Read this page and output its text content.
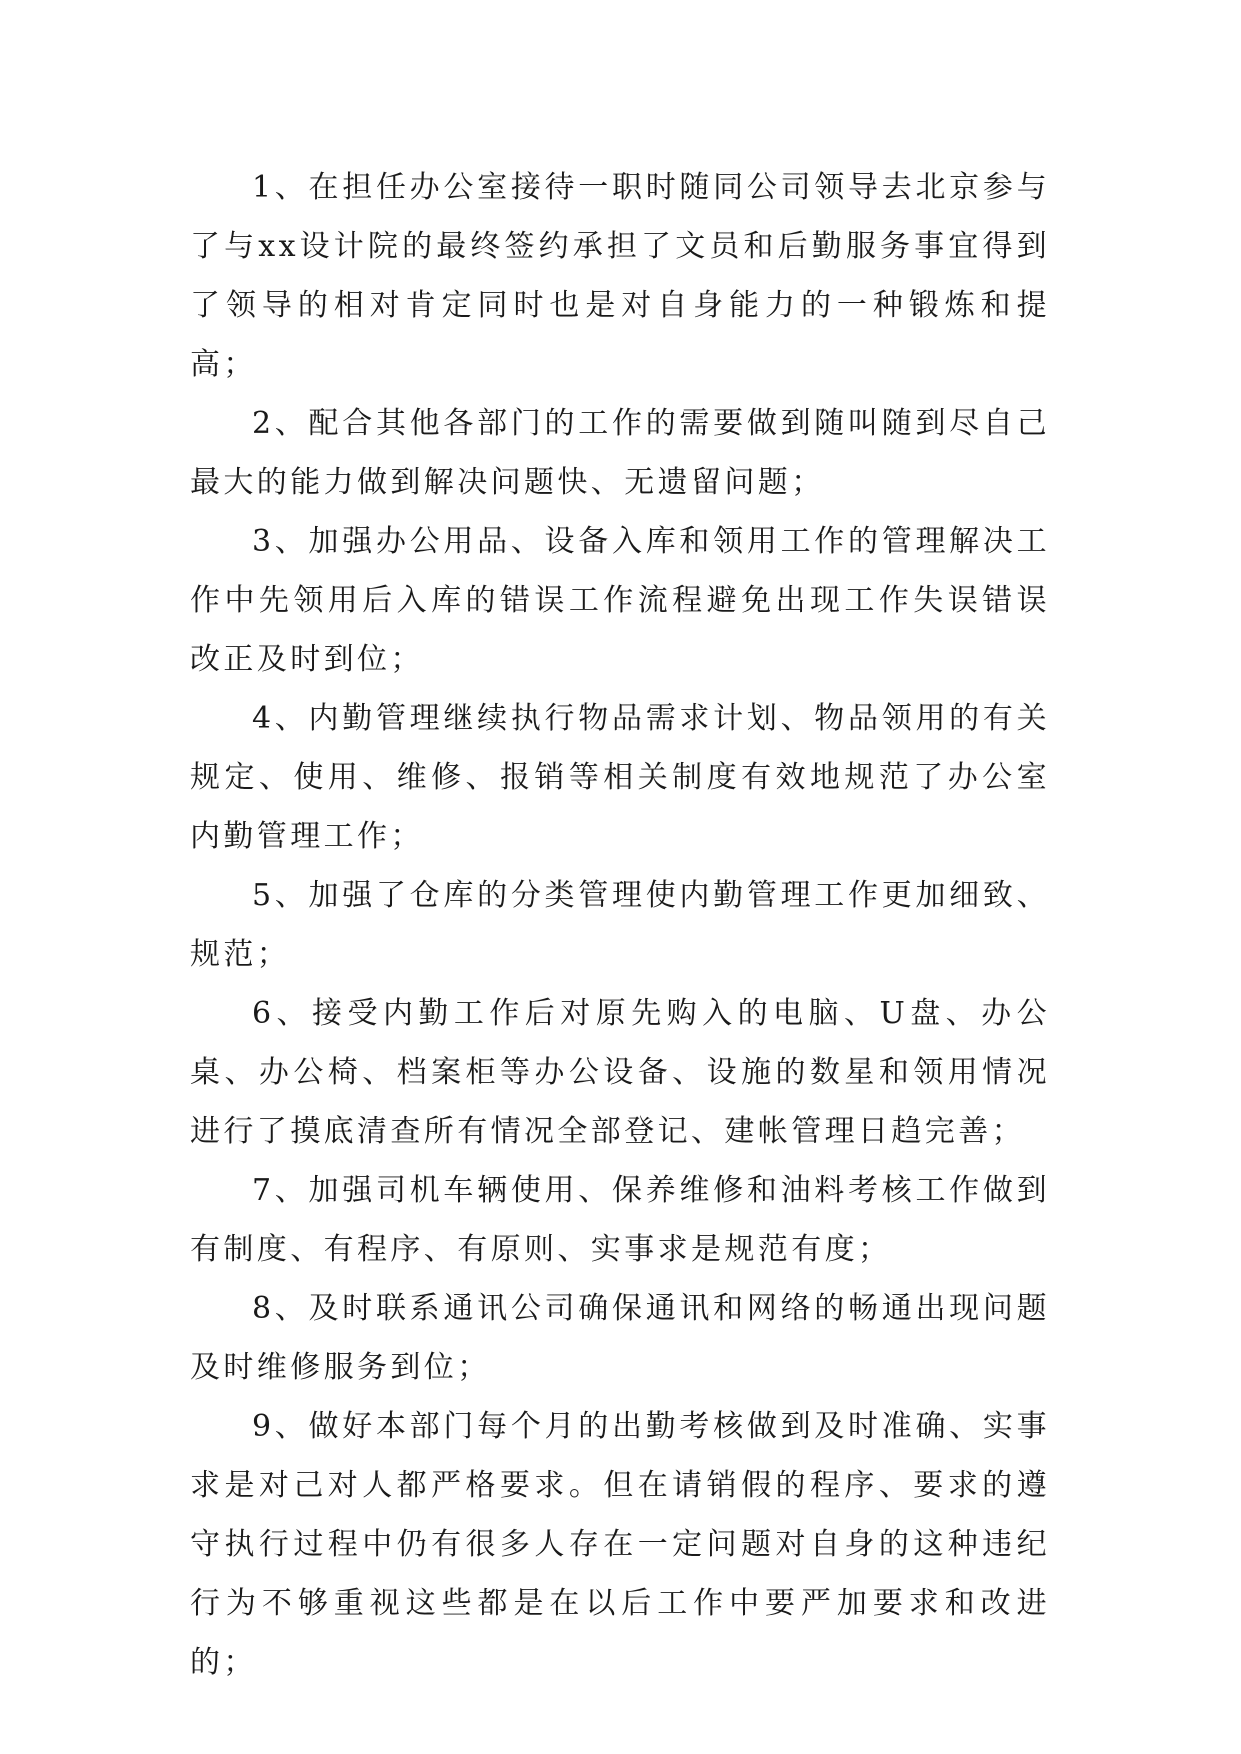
1、在担任办公室接待一职时随同公司领导去北京参与了与xx设计院的最终签约承担了文员和后勤服务事宜得到了领导的相对肯定同时也是对自身能力的一种锻炼和提高；

2、配合其他各部门的工作的需要做到随叫随到尽自己最大的能力做到解决问题快、无遗留问题；

3、加强办公用品、设备入库和领用工作的管理解决工作中先领用后入库的错误工作流程避免出现工作失误错误改正及时到位；

4、内勤管理继续执行物品需求计划、物品领用的有关规定、使用、维修、报销等相关制度有效地规范了办公室内勤管理工作；

5、加强了仓库的分类管理使内勤管理工作更加细致、规范；

6、接受内勤工作后对原先购入的电脑、U盘、办公桌、办公椅、档案柜等办公设备、设施的数星和领用情况进行了摸底清查所有情况全部登记、建帐管理日趋完善；

7、加强司机车辆使用、保养维修和油料考核工作做到有制度、有程序、有原则、实事求是规范有度；

8、及时联系通讯公司确保通讯和网络的畅通出现问题及时维修服务到位；

9、做好本部门每个月的出勤考核做到及时准确、实事求是对己对人都严格要求。但在请销假的程序、要求的遵守执行过程中仍有很多人存在一定问题对自身的这种违纪行为不够重视这些都是在以后工作中要严加要求和改进的；
